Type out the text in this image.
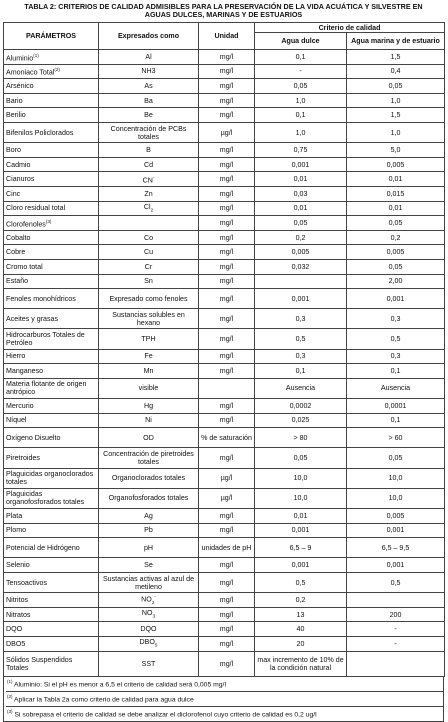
TABLA 2: CRITERIOS DE CALIDAD ADMISIBLES PARA LA PRESERVACIÓN DE LA VIDA ACUÁTICA Y SILVESTRE EN
AGUAS DULCES, MARINAS Y DE ESTUARIOS
PARÁMETROS	Expresados como	Unidad	Criterio de calidad	
			Agua dulce	Agua marina y de estuario
Aluminio$^{(1)}$	Al	mg/l	0,1	1,5
Amoniaco Total$^{(2)}$	NH3	mg/l	-	0,4
Arsénico	As	mg/l	0,05	0,05
Bario	Ba	mg/l	1,0	1,0
Berilio	Be	mg/l	0,1	1,5
Bifenilos Policlorados	Concentración de PCBs totales	µg/l	1,0	1,0
Boro	B	mg/l	0,75	5,0
Cadmio	Cd	mg/l	0,001	0,005
Cianuros	CN-	mg/l	0,01	0,01
Cinc	Zn	mg/l	0,03	0,015
Cloro residual total	$Cl_2$	mg/l	0,01	0,01
Clorofenoles$^{(3)}$		mg/l	0,05	0,05
Cobalto	Co	mg/l	0,2	0,2
Cobre	Cu	mg/l	0,005	0,005
Cromo total	Cr	mg/l	0,032	0,05
Estaño	Sn	mg/l		2,00
Fenoles monohídricos	Expresado como fenoles	mg/l	0,001	0,001
Aceites y grasas	Sustancias solubles en hexano	mg/l	0,3	0,3
Hidrocarburos Totales de Petróleo	TPH	mg/l	0,5	0,5
Hierro	Fe	mg/l	0,3	0,3
Manganeso	Mn	mg/l	0,1	0,1
Materia flotante de origen antrópico	visible		Ausencia	Ausencia
Mercurio	Hg	mg/l	0,0002	0,0001
Níquel	Ni	mg/l	0,025	0,1
Oxígeno Disuelto	OD	% de saturación	> 80	> 60
Piretroides	Concentración de piretroides totales	mg/l	0,05	0,05
Plaguicidas organoclorados totales	Organoclorados totales	µg/l	10,0	10,0
Plaguicidas organofosforados totales	Organofosforados totales	µg/l	10,0	10,0
Plata	Ag	mg/l	0,01	0,005
Plomo	Pb	mg/l	0,001	0,001
Potencial de Hidrógeno	pH	unidades de pH	6,5 – 9	6,5 – 9,5
Selenio	Se	mg/l	0,001	0,001
Tensoactivos	Sustancias activas al azul de metileno	mg/l	0,5	0,5
Nitritos	$NO_2^-$	mg/l	0,2	
Nitratos	$NO_3$	mg/l	13	200
DQO	DQO	mg/l	40	-
DBO5	$DBO_5$	mg/l	20	-
Sólidos Suspendidos Totales	SST	mg/l	max incremento de 10% de la condición natural	
$^{(1)}$ Aluminio: Si el pH es menor a 6,5 el criterio de calidad será 0,005 mg/l
$^{(2)}$ Aplicar la Tabla 2a como criterio de calidad para agua dulce
$^{(3)}$ Si sobrepasa el criterio de calidad se debe analizar el diclorofenol cuyo criterio de calidad es 0,2 ug/l
